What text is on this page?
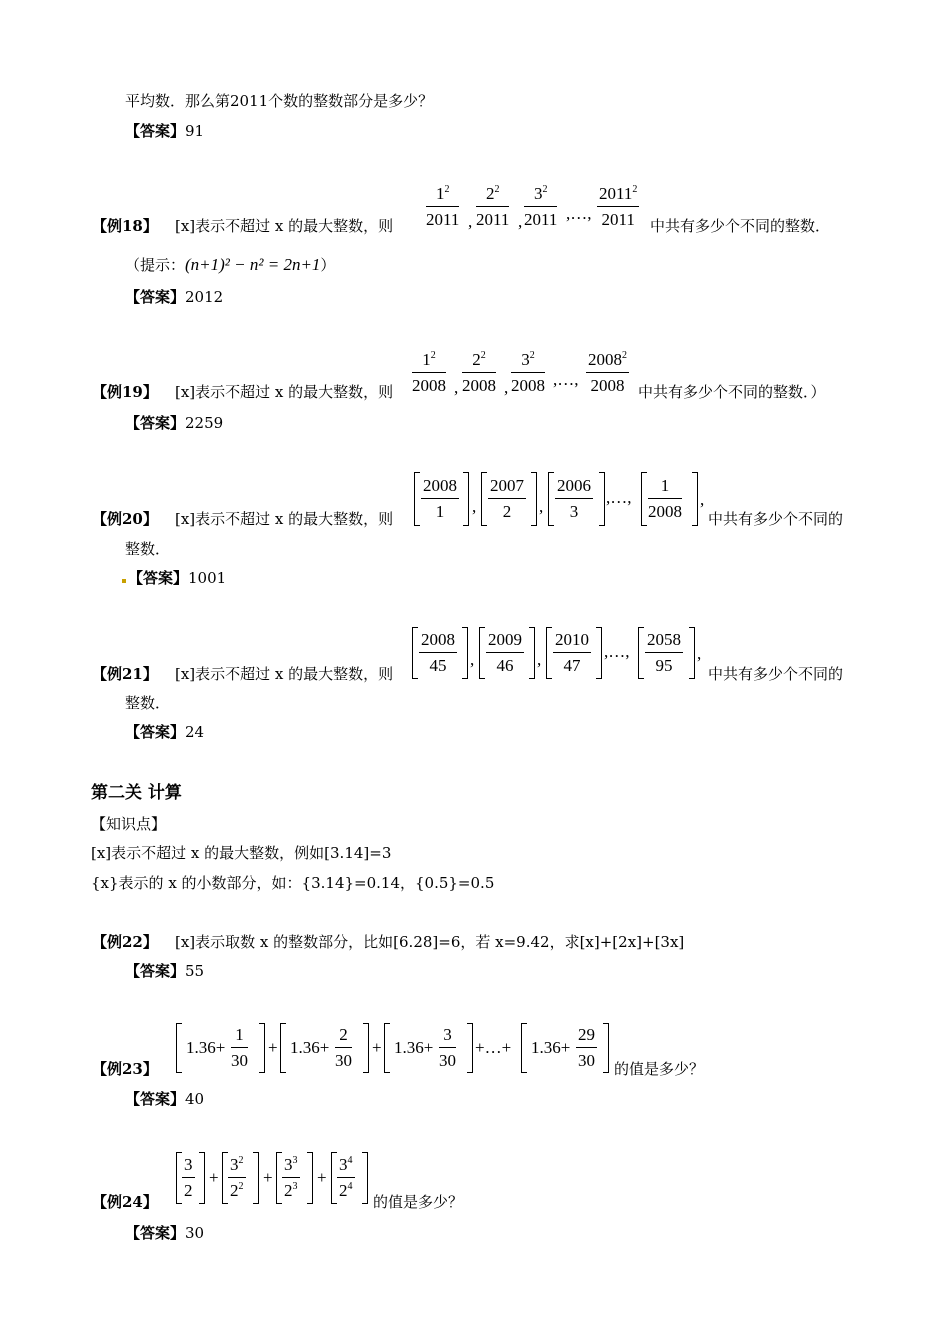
平均数．那么第2011个数的整数部分是多少？
【答案】91
【例18】 [x]表示不超过 x 的最大整数，则 $\frac{1^2}{2011}$ , $\frac{2^2}{2011}$ , $\frac{3^2}{2011}$ ,…, $\frac{2011^2}{2011}$ 中共有多少个不同的整数．
（提示：(n+1)² − n² = 2n+1）
【答案】2012
【例19】 [x]表示不超过 x 的最大整数，则 $\frac{1^2}{2008}$ , $\frac{2^2}{2008}$ , $\frac{3^2}{2008}$ ,…, $\frac{2008^2}{2008}$ 中共有多少个不同的整数．）
【答案】2259
【例20】 [x]表示不超过 x 的最大整数，则 $\frac{2008}{1}$ , $\frac{2007}{2}$ , $\frac{2006}{3}$ ,…, $\frac{1}{2008}$ ,
中共有多少个不同的
整数．
【答案】1001
【例21】 [x]表示不超过 x 的最大整数，则 $\frac{2008}{45}$ , $\frac{2009}{46}$ , $\frac{2010}{47}$ ,…, $\frac{2058}{95}$ ,
中共有多少个不同的
整数．
【答案】24
第二关 计算
【知识点】
[x]表示不超过 x 的最大整数，例如[3.14]=3
{x}表示的 x 的小数部分，如：{3.14}=0.14，{0.5}=0.5
【例22】 [x]表示取数 x 的整数部分，比如[6.28]=6，若 x=9.42，求[x]+[2x]+[3x]
【答案】55
【例23】
$1.36+ \frac{1}{30} + 1.36+ \frac{2}{30} + 1.36+ \frac{3}{30}$ +…+ $1.36+ \frac{29}{30}$ 的值是多少？
【答案】40
【例24】
$\frac{3}{2} + \frac{3^2}{2^2} + \frac{3^3}{2^3} + \frac{3^4}{2^4}$
的值是多少？
【答案】30
